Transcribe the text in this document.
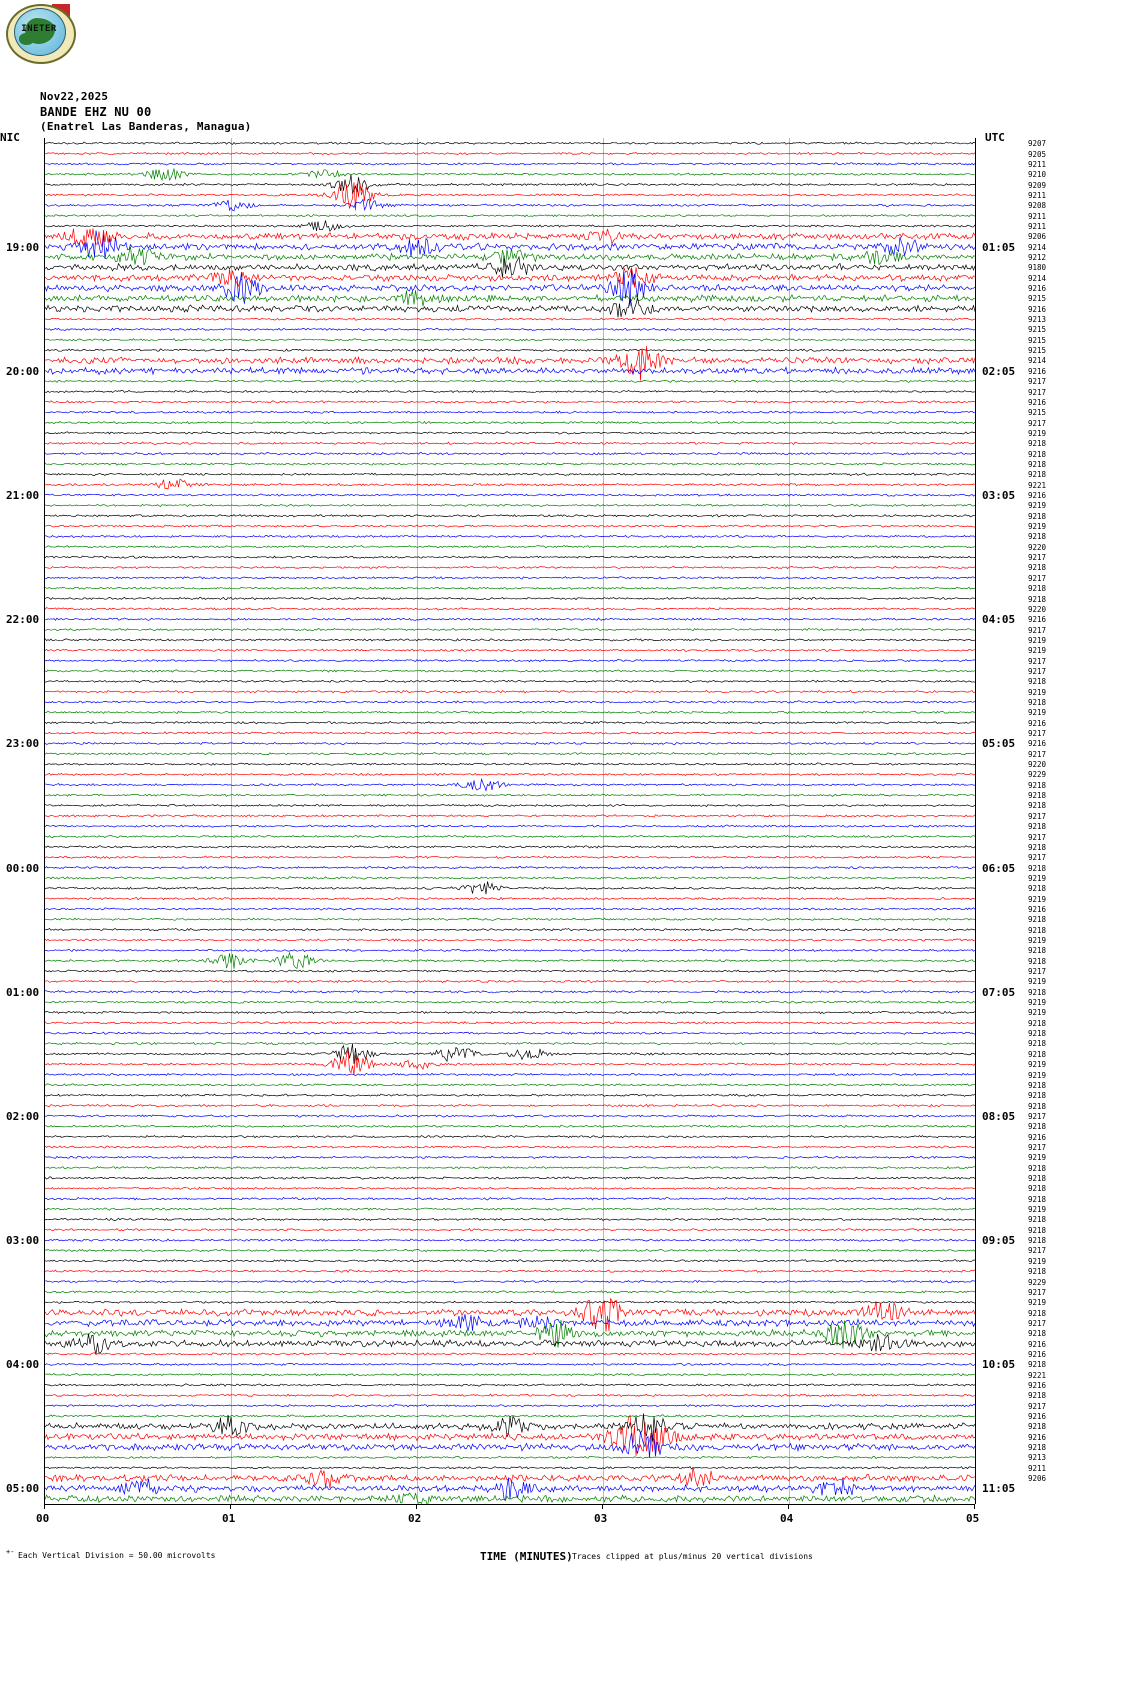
INETER
Nov22,2025
BANDE EHZ NU 00
(Enatrel Las Banderas, Managua)
NIC	UTC
TIME (MINUTES) Traces clipped at plus/minus 20 vertical divisions
Each Vertical Division = 50.00 microvolts
+-
00	01	02	03	04	05
19:00	01:05
20:00	02:05
21:00	03:05
22:00	04:05
23:00	05:05
00:00	06:05
01:00	07:05
02:00	08:05
03:00	09:05
04:00	10:05
05:00	11:05
9207
9205
9211
9210
9209
9211
9208
9211
9211
9206
9214
9212
9180
9214
9216
9215
9216
9213
9215
9215
9215
9214
9216
9217
9217
9216
9215
9217
9219
9218
9218
9218
9218
9221
9216
9219
9218
9219
9218
9220
9217
9218
9217
9218
9218
9220
9216
9217
9219
9219
9217
9217
9218
9219
9218
9219
9216
9217
9216
9217
9220
9229
9218
9218
9218
9217
9218
9217
9218
9217
9218
9219
9218
9219
9216
9218
9218
9219
9218
9218
9217
9219
9218
9219
9219
9218
9218
9218
9218
9219
9219
9218
9218
9218
9217
9218
9216
9217
9219
9218
9218
9218
9218
9219
9218
9218
9218
9217
9219
9218
9229
9217
9219
9218
9217
9218
9216
9216
9218
9221
9216
9218
9217
9216
9218
9216
9218
9213
9211
9206
